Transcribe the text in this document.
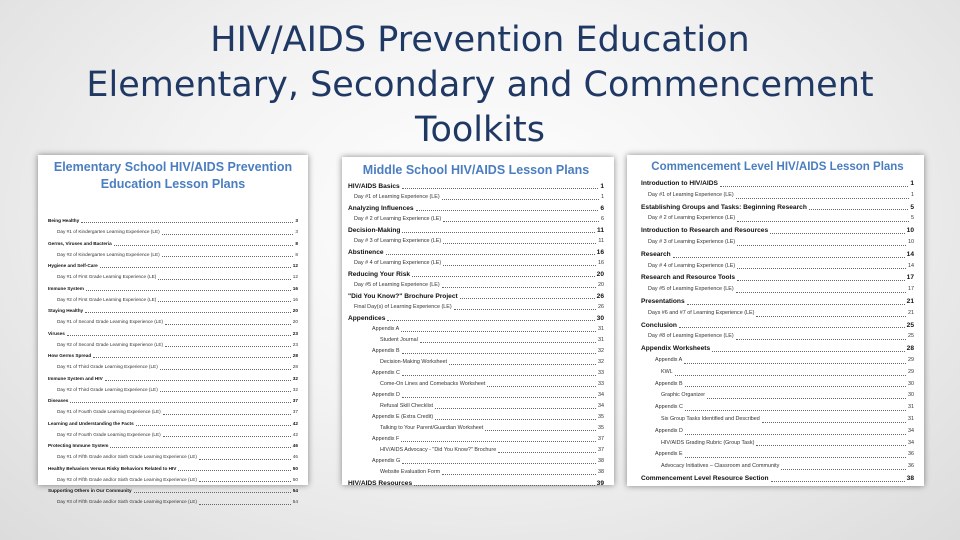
HIV/AIDS Prevention Education
Elementary, Secondary and Commencement
Toolkits
Elementary School HIV/AIDS Prevention Education Lesson Plans
Being Healthy	3
Day #1 of Kindergarten Learning Experience (LE)	3
Germs, Viruses and Bacteria	8
Day #2 of Kindergarten Learning Experience (LE)	8
Hygiene and Self-Care	12
Day #1 of First Grade Learning Experience (LE)	12
Immune System	16
Day #2 of First Grade Learning Experience (LE)	16
Staying Healthy	20
Day #1 of Second Grade Learning Experience (LE)	20
Viruses	23
Day #2 of Second Grade Learning Experience (LE)	23
How Germs Spread	28
Day #1 of Third Grade Learning Experience (LE)	28
Immune System and HIV	32
Day #2 of Third Grade Learning Experience (LE)	32
Diseases	37
Day #1 of Fourth Grade Learning Experience (LE)	37
Learning and Understanding the Facts	42
Day #2 of Fourth Grade Learning Experience (LE)	42
Protecting Immune System	46
Day #1 of Fifth Grade and/or Sixth Grade Learning Experience (LE)	46
Healthy Behaviors Versus Risky Behaviors Related to HIV	50
Day #2 of Fifth Grade and/or Sixth Grade Learning Experience (LE)	50
Supporting Others in Our Community	54
Day #3 of Fifth Grade and/or Sixth Grade Learning Experience (LE)	54
Middle School HIV/AIDS Lesson Plans
HIV/AIDS Basics	1
Day #1 of Learning Experience (LE)	1
Analyzing Influences	6
Day # 2 of Learning Experience (LE)	6
Decision-Making	11
Day # 3 of Learning Experience (LE)	11
Abstinence	16
Day # 4 of Learning Experience (LE)	16
Reducing Your Risk	20
Day #5 of Learning Experience (LE)	20
"Did You Know?" Brochure Project	26
Final Day(s) of Learning Experience (LE)	26
Appendices	30
Appendix A	31
Student Journal	31
Appendix B	32
Decision-Making Worksheet	32
Appendix C	33
Come-On Lines and Comebacks Worksheet	33
Appendix D	34
Refusal Skill Checklist	34
Appendix E (Extra Credit)	35
Talking to Your Parent/Guardian Worksheet	35
Appendix F	37
HIV/AIDS Advocacy - "Did You Know?" Brochure	37
Appendix G	38
Website Evaluation Form	38
HIV/AIDS Resources	39
Commencement Level HIV/AIDS Lesson Plans
Introduction to HIV/AIDS	1
Day #1 of Learning Experience (LE)	1
Establishing Groups and Tasks: Beginning Research	5
Day # 2 of Learning Experience (LE)	5
Introduction to Research and Resources	10
Day # 3 of Learning Experience (LE)	10
Research	14
Day # 4 of Learning Experience (LE)	14
Research and Resource Tools	17
Day #5 of Learning Experience (LE)	17
Presentations	21
Days #6 and #7 of Learning Experience (LE)	21
Conclusion	25
Day #8 of Learning Experience (LE)	25
Appendix Worksheets	28
Appendix A	29
KWL	29
Appendix B	30
Graphic Organizer	30
Appendix C	31
Six Group Tasks Identified and Described	31
Appendix D	34
HIV/AIDS Grading Rubric (Group Task)	34
Appendix E	36
Advocacy Initiatives – Classroom and Community	36
Commencement Level Resource Section	38
